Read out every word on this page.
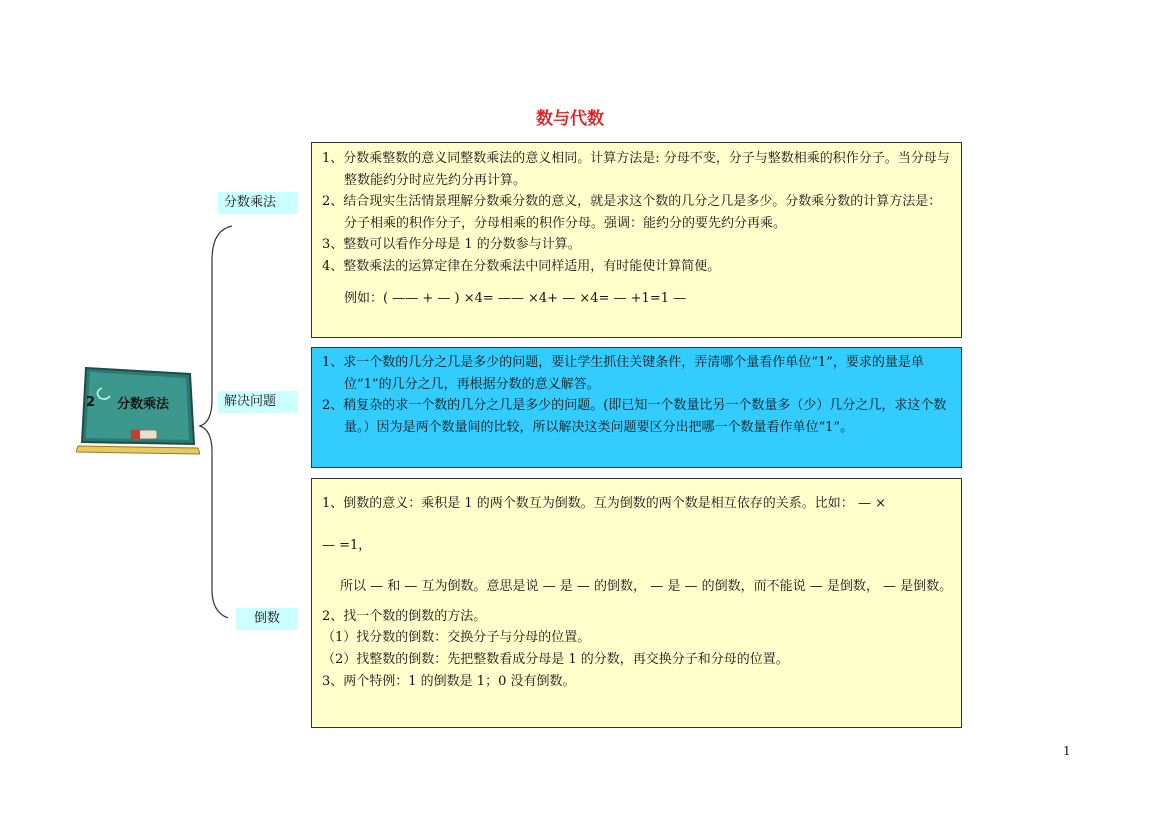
数与代数
2 分数乘法
分数乘法
解决问题
倒数

1、分数乘整数的意义同整数乘法的意义相同。计算方法是: 分母不变，分子与整数相乘的积作分子。当分母与整数能约分时应先约分再计算。

2、结合现实生活情景理解分数乘分数的意义，就是求这个数的几分之几是多少。分数乘分数的计算方法是：分子相乘的积作分子，分母相乘的积作分母。强调：能约分的要先约分再乘。

3、整数可以看作分母是 1 的分数参与计算。

4、整数乘法的运算定律在分数乘法中同样适用，有时能使计算简便。

例如：( —— + — ) ×4= —— ×4+ — ×4= — +1=1 —

1、求一个数的几分之几是多少的问题，要让学生抓住关键条件，弄清哪个量看作单位“1”，要求的量是单位“1”的几分之几，再根据分数的意义解答。

2、稍复杂的求一个数的几分之几是多少的问题。(即已知一个数量比另一个数量多（少）几分之几，求这个数量。）因为是两个数量间的比较，所以解决这类问题要区分出把哪一个数量看作单位“1”。

1、倒数的意义：乘积是 1 的两个数互为倒数。互为倒数的两个数是相互依存的关系。比如： — ×

— =1，

所以 — 和 — 互为倒数。意思是说 — 是 — 的倒数， — 是 — 的倒数，而不能说 — 是倒数， — 是倒数。

2、找一个数的倒数的方法。

（1）找分数的倒数：交换分子与分母的位置。

（2）找整数的倒数：先把整数看成分母是 1 的分数，再交换分子和分母的位置。

3、两个特例：1 的倒数是 1；0 没有倒数。

1
